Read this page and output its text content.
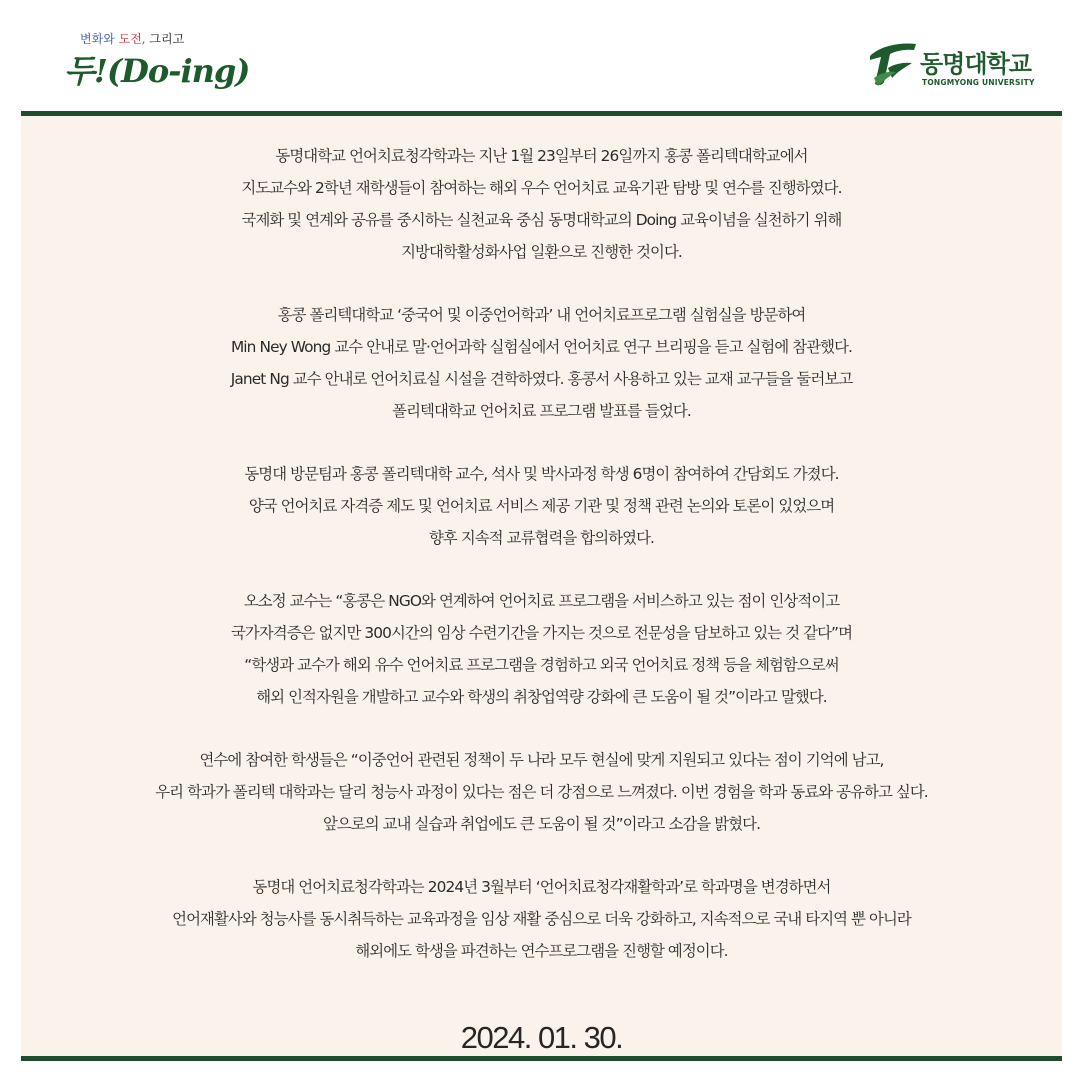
변화와 도전, 그리고
두!(Do-ing)	동명대학교
TONGMYONG UNIVERSITY
동명대학교 언어치료청각학과는 지난 1월 23일부터 26일까지 홍콩 폴리텍대학교에서
지도교수와 2학년 재학생들이 참여하는 해외 우수 언어치료 교육기관 탐방 및 연수를 진행하였다.
국제화 및 연계와 공유를 중시하는 실천교육 중심 동명대학교의 Doing 교육이념을 실천하기 위해
지방대학활성화사업 일환으로 진행한 것이다.
홍콩 폴리텍대학교 ‘중국어 및 이중언어학과’ 내 언어치료프로그램 실험실을 방문하여
Min Ney Wong 교수 안내로 말·언어과학 실험실에서 언어치료 연구 브리핑을 듣고 실험에 참관했다.
Janet Ng 교수 안내로 언어치료실 시설을 견학하였다. 홍콩서 사용하고 있는 교재 교구들을 둘러보고
폴리텍대학교 언어치료 프로그램 발표를 들었다.
동명대 방문팀과 홍콩 폴리텍대학 교수, 석사 및 박사과정 학생 6명이 참여하여 간담회도 가졌다.
양국 언어치료 자격증 제도 및 언어치료 서비스 제공 기관 및 정책 관련 논의와 토론이 있었으며
향후 지속적 교류협력을 합의하였다.
오소정 교수는 “홍콩은 NGO와 연계하여 언어치료 프로그램을 서비스하고 있는 점이 인상적이고
국가자격증은 없지만 300시간의 임상 수련기간을 가지는 것으로 전문성을 담보하고 있는 것 같다”며
“학생과 교수가 해외 유수 언어치료 프로그램을 경험하고 외국 언어치료 정책 등을 체험함으로써
해외 인적자원을 개발하고 교수와 학생의 취창업역량 강화에 큰 도움이 될 것”이라고 말했다.
연수에 참여한 학생들은 “이중언어 관련된 정책이 두 나라 모두 현실에 맞게 지원되고 있다는 점이 기억에 남고,
우리 학과가 폴리텍 대학과는 달리 청능사 과정이 있다는 점은 더 강점으로 느껴졌다. 이번 경험을 학과 동료와 공유하고 싶다.
앞으로의 교내 실습과 취업에도 큰 도움이 될 것”이라고 소감을 밝혔다.
동명대 언어치료청각학과는 2024년 3월부터 ‘언어치료청각재활학과’로 학과명을 변경하면서
언어재활사와 청능사를 동시취득하는 교육과정을 임상 재활 중심으로 더욱 강화하고, 지속적으로 국내 타지역 뿐 아니라
해외에도 학생을 파견하는 연수프로그램을 진행할 예정이다.
2024. 01. 30.
